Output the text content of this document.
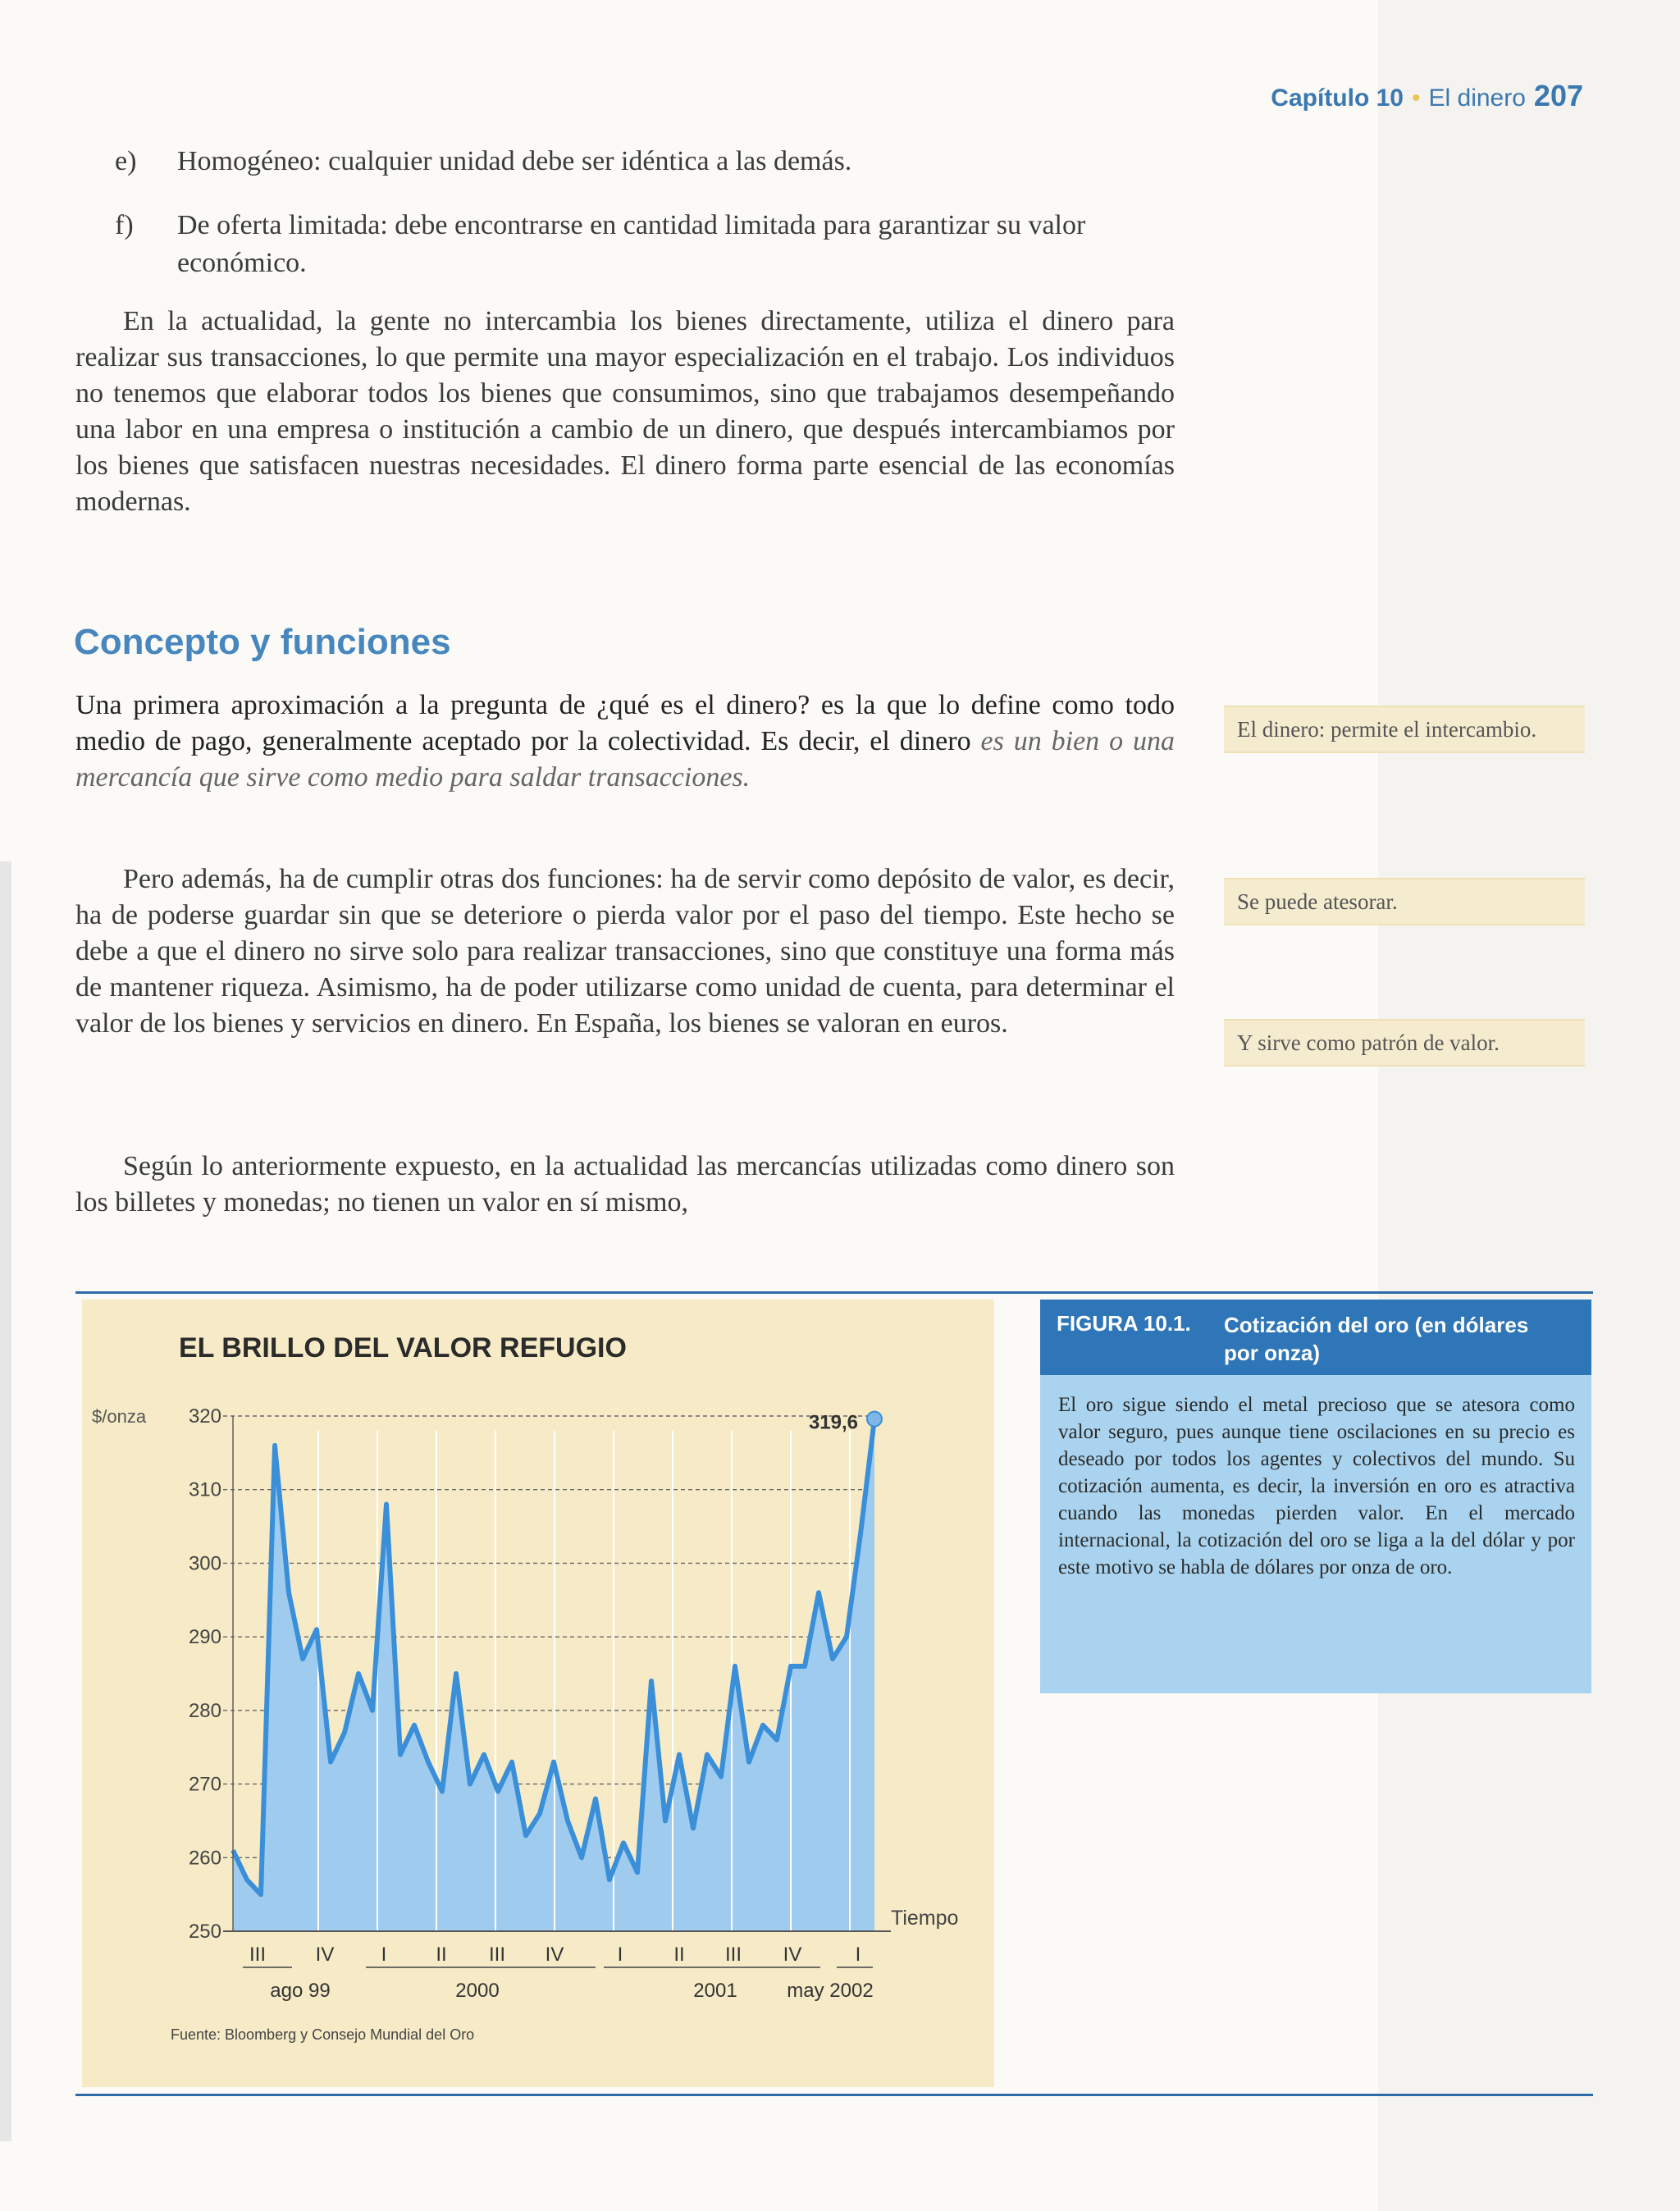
Capítulo 10 • El dinero 207
e)	Homogéneo: cualquier unidad debe ser idéntica a las demás.
f)	De oferta limitada: debe encontrarse en cantidad limitada para garantizar su valor económico.

En la actualidad, la gente no intercambia los bienes directamente, utiliza el dinero para realizar sus transacciones, lo que permite una mayor especialización en el trabajo. Los individuos no tenemos que elaborar todos los bienes que consumimos, sino que trabajamos desempeñando una labor en una empresa o institución a cambio de un dinero, que después intercambiamos por los bienes que satisfacen nuestras necesidades. El dinero forma parte esencial de las economías modernas.

Concepto y funciones

Una primera aproximación a la pregunta de ¿qué es el dinero? es la que lo define como todo medio de pago, generalmente aceptado por la colectividad. Es decir, el dinero es un bien o una mercancía que sirve como medio para saldar transacciones.

Pero además, ha de cumplir otras dos funciones: ha de servir como depósito de valor, es decir, ha de poderse guardar sin que se deteriore o pierda valor por el paso del tiempo. Este hecho se debe a que el dinero no sirve solo para realizar transacciones, sino que constituye una forma más de mantener riqueza. Asimismo, ha de poder utilizarse como unidad de cuenta, para determinar el valor de los bienes y servicios en dinero. En España, los bienes se valoran en euros.

Según lo anteriormente expuesto, en la actualidad las mercancías utilizadas como dinero son los billetes y monedas; no tienen un valor en sí mismo,

El dinero: permite el intercambio.
Se puede atesorar.
Y sirve como patrón de valor.
EL BRILLO DEL VALOR REFUGIO
$/onza
250
260
270
280
290
300
310
320	319,6
Tiempo
III	IV I II III IV	I	II III IV	I
ago 99	2000	2001	may 2002
Fuente: Bloomberg y Consejo Mundial del Oro
FIGURA 10.1. Cotización del oro (en dólares por onza)
El oro sigue siendo el metal precioso que se atesora como valor seguro, pues aunque tiene oscilaciones en su precio es deseado por todos los agentes y colectivos del mundo. Su cotización aumenta, es decir, la inversión en oro es atractiva cuando las monedas pierden valor. En el mercado internacional, la cotización del oro se liga a la del dólar y por este motivo se habla de dólares por onza de oro.
